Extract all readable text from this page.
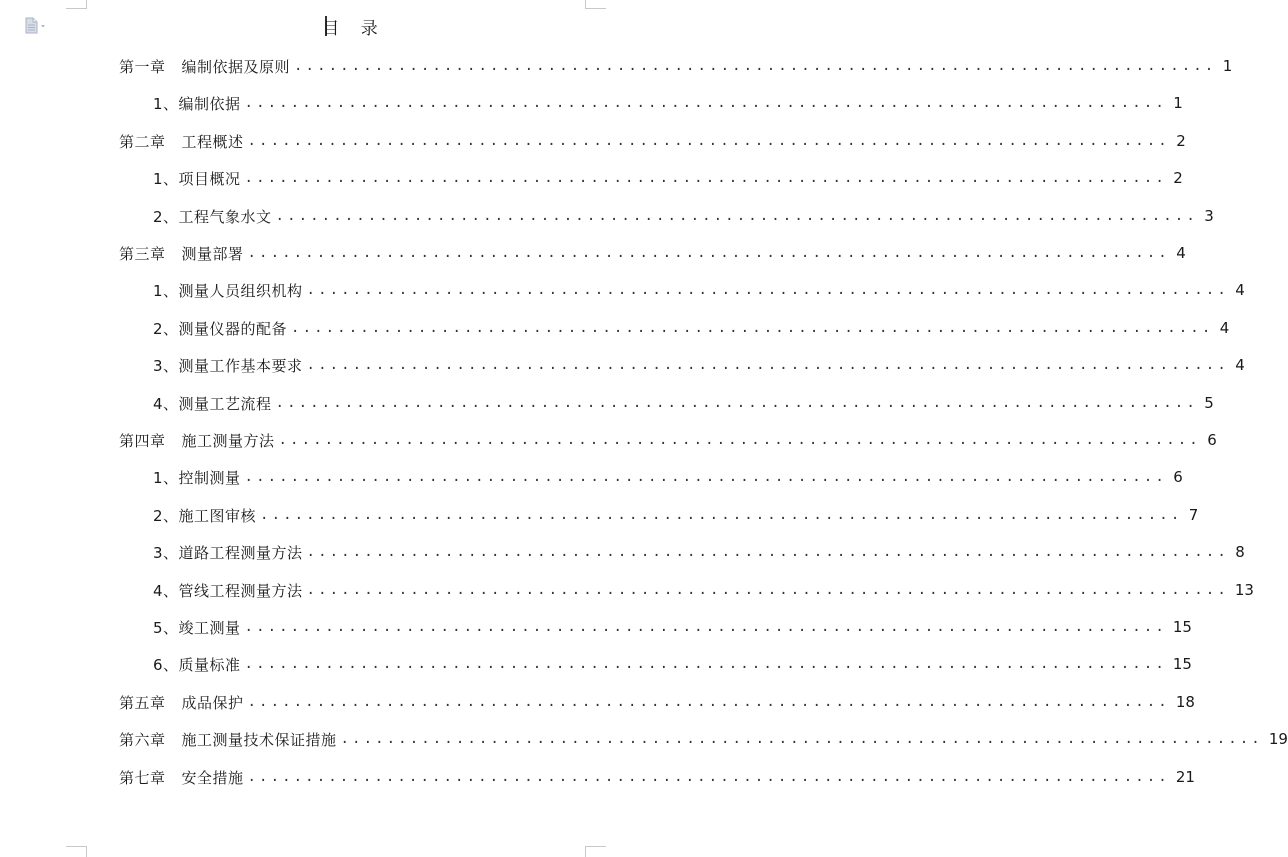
目 录
第一章 编制依据及原则 ................................................................................ 1
1、编制依据 ................................................................................ 1
第二章 工程概述 ................................................................................ 2
1、项目概况 ................................................................................ 2
2、工程气象水文 ................................................................................ 3
第三章 测量部署 ................................................................................ 4
1、测量人员组织机构 ................................................................................ 4
2、测量仪器的配备 ................................................................................ 4
3、测量工作基本要求 ................................................................................ 4
4、测量工艺流程 ................................................................................ 5
第四章 施工测量方法 ................................................................................ 6
1、控制测量 ................................................................................ 6
2、施工图审核 ................................................................................ 7
3、道路工程测量方法 ................................................................................ 8
4、管线工程测量方法 ................................................................................ 13
5、竣工测量 ................................................................................ 15
6、质量标准 ................................................................................ 15
第五章 成品保护 ................................................................................ 18
第六章 施工测量技术保证措施 ................................................................................ 19
第七章 安全措施 ................................................................................ 21
